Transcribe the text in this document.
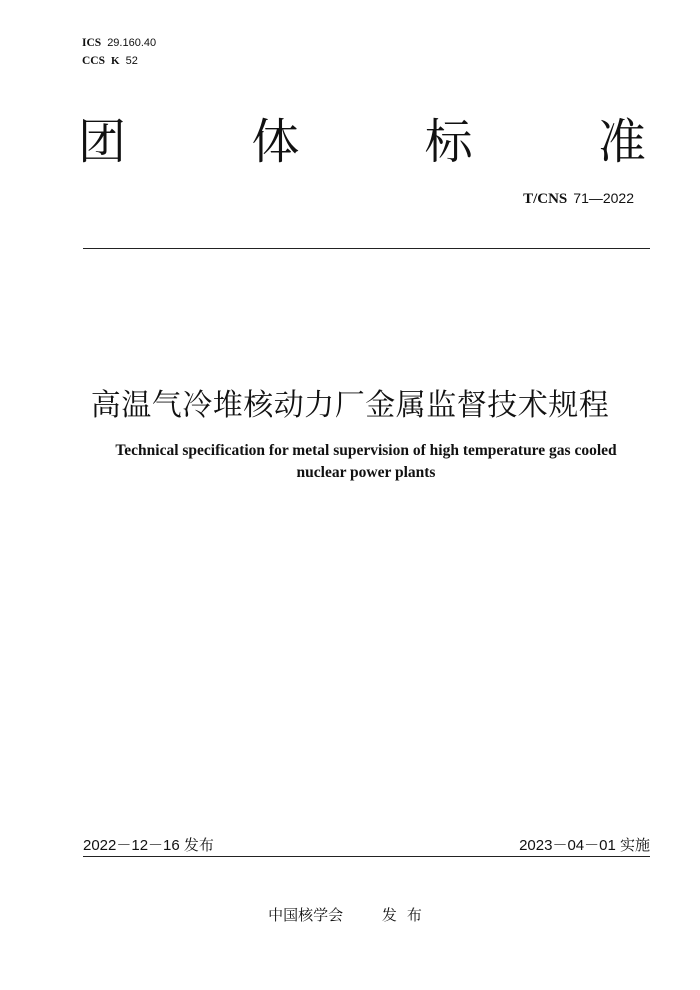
ICS 29.160.40
CCS K 52
团	体	标	准
T/CNS 71—2022
高温气冷堆核动力厂金属监督技术规程
Technical specification for metal supervision of high temperature gas cooled
nuclear power plants
2022－12－16 发布	2023－04－01 实施
中国核学会	发布
